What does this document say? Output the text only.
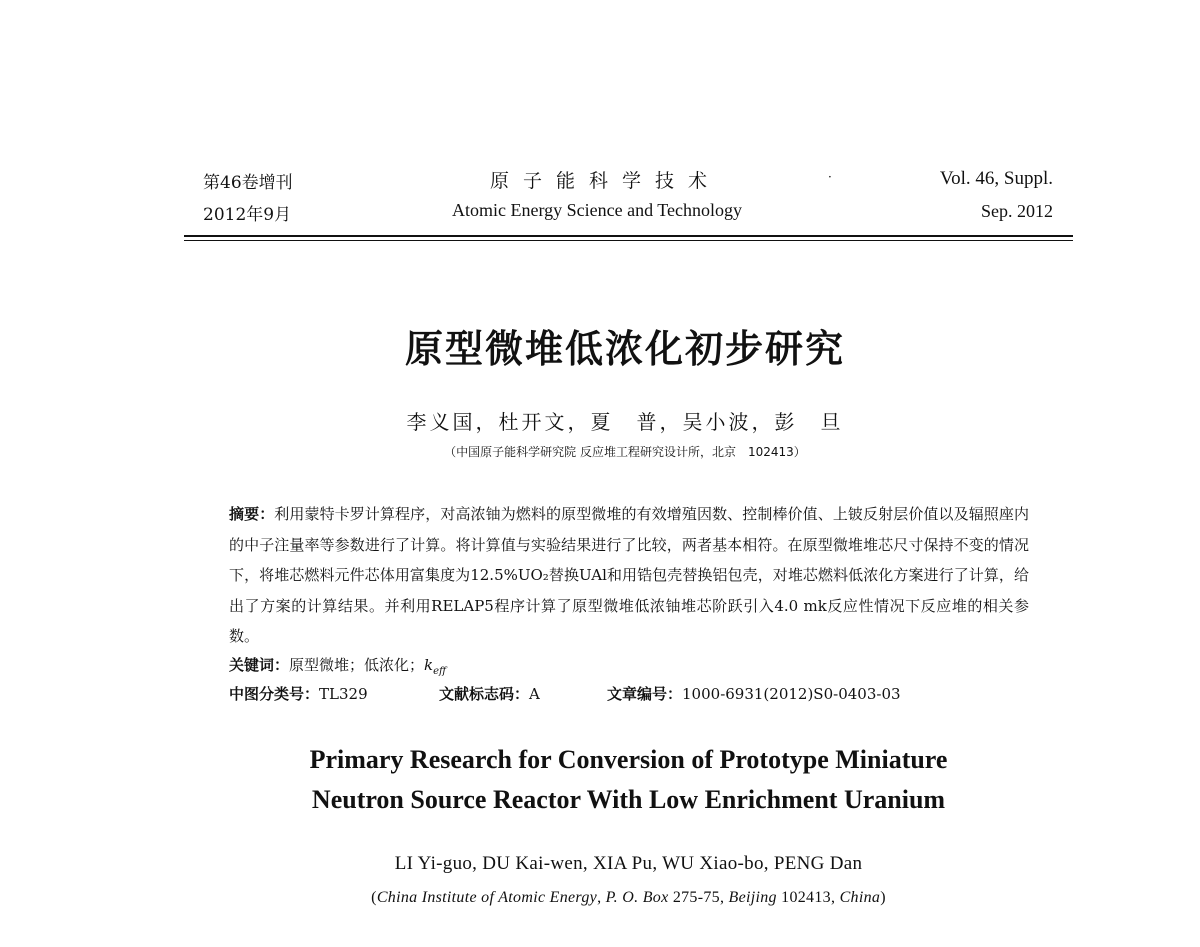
第46卷增刊
2012年9月
原子能科学技术	·
Atomic Energy Science and Technology
Vol. 46, Suppl.
Sep. 2012
原型微堆低浓化初步研究
李义国，杜开文，夏　普，吴小波，彭　旦
（中国原子能科学研究院 反应堆工程研究设计所，北京　102413）
摘要：利用蒙特卡罗计算程序，对高浓铀为燃料的原型微堆的有效增殖因数、控制棒价值、上铍反射层价值以及辐照座内的中子注量率等参数进行了计算。将计算值与实验结果进行了比较，两者基本相符。在原型微堆堆芯尺寸保持不变的情况下，将堆芯燃料元件芯体用富集度为12.5%UO₂替换UAl和用锆包壳替换铝包壳，对堆芯燃料低浓化方案进行了计算，给出了方案的计算结果。并利用RELAP5程序计算了原型微堆低浓铀堆芯阶跃引入4.0 mk反应性情况下反应堆的相关参数。
关键词：原型微堆；低浓化；$k_{eff}$
中图分类号：TL329	文献标志码：A	文章编号：1000-6931(2012)S0-0403-03
Primary Research for Conversion of Prototype Miniature
Neutron Source Reactor With Low Enrichment Uranium
LI Yi-guo, DU Kai-wen, XIA Pu, WU Xiao-bo, PENG Dan
(China Institute of Atomic Energy, P. O. Box 275-75, Beijing 102413, China)
